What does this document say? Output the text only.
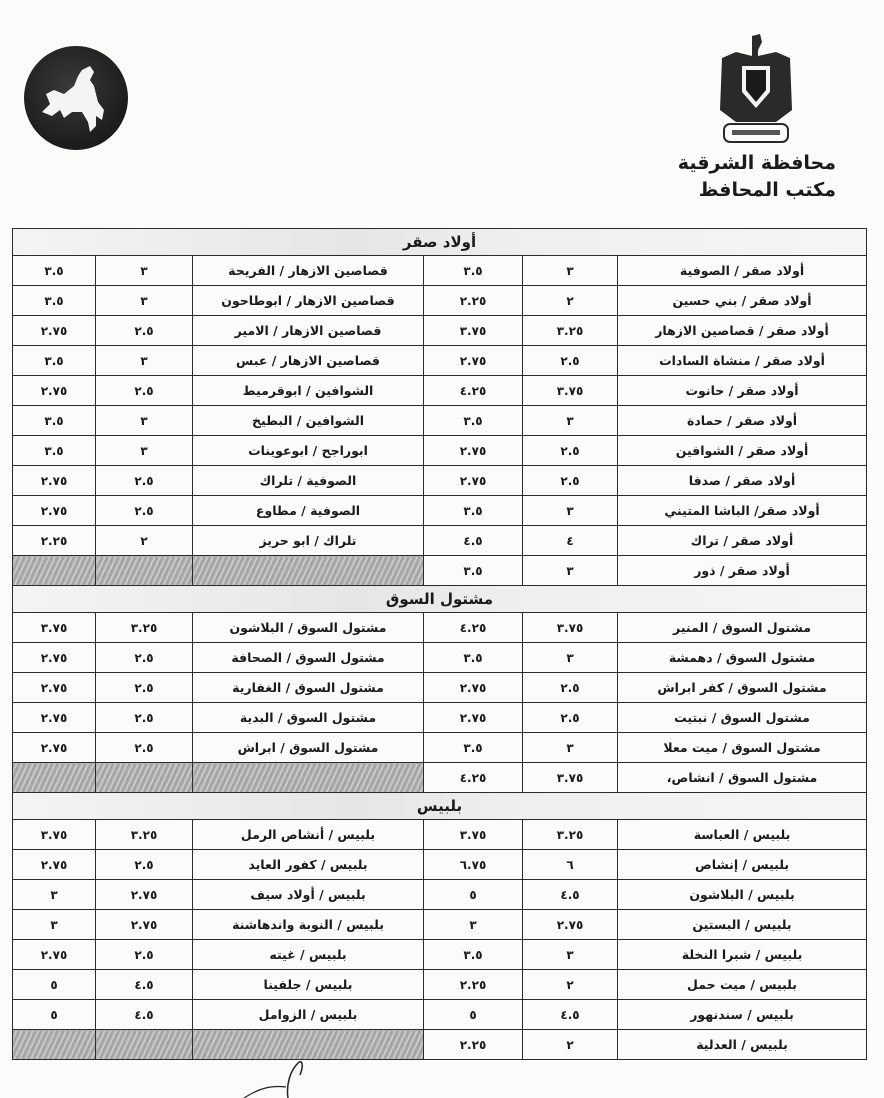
محافظة الشرقية
مكتب المحافظ
أولاد صقر					
٣.٥	٣	قصاصين الازهار / الفريحة	٣.٥	٣	أولاد صقر / الصوفية
٣.٥	٣	قصاصين الازهار / ابوطاحون	٢.٢٥	٢	أولاد صقر / بني حسين
٢.٧٥	٢.٥	قصاصين الازهار / الامير	٣.٧٥	٣.٢٥	أولاد صقر / قصاصين الازهار
٣.٥	٣	قصاصين الازهار / عبس	٢.٧٥	٢.٥	أولاد صقر / منشاة السادات
٢.٧٥	٢.٥	الشوافين / ابوقرميط	٤.٢٥	٣.٧٥	أولاد صقر / حانوت
٣.٥	٣	الشوافين / البطيخ	٣.٥	٣	أولاد صقر / حمادة
٣.٥	٣	ابوراجح / ابوعوينات	٢.٧٥	٢.٥	أولاد صقر / الشوافين
٢.٧٥	٢.٥	الصوفية / تلراك	٢.٧٥	٢.٥	أولاد صقر / صدفا
٢.٧٥	٢.٥	الصوفية / مطاوع	٣.٥	٣	أولاد صقر/ الباشا المتيني
٢.٢٥	٢	تلراك / ابو حريز	٤.٥	٤	أولاد صقر / تراك
			٣.٥	٣	أولاد صقر / ذور
مشتول السوق					
٣.٧٥	٣.٢٥	مشتول السوق / البلاشون	٤.٢٥	٣.٧٥	مشتول السوق / المنير
٢.٧٥	٢.٥	مشتول السوق / الصحافة	٣.٥	٣	مشتول السوق / دهمشة
٢.٧٥	٢.٥	مشتول السوق / الغفارية	٢.٧٥	٢.٥	مشتول السوق / كفر ابراش
٢.٧٥	٢.٥	مشتول السوق / البدية	٢.٧٥	٢.٥	مشتول السوق / نبتيت
٢.٧٥	٢.٥	مشتول السوق / ابراش	٣.٥	٣	مشتول السوق / ميت معلا
			٤.٢٥	٣.٧٥	مشتول السوق / انشاص،
بلبيس					
٣.٧٥	٣.٢٥	بلبيس / أنشاص الرمل	٣.٧٥	٣.٢٥	بلبيس / العباسة
٢.٧٥	٢.٥	بلبيس / كفور العايد	٦.٧٥	٦	بلبيس / إنشاص
٣	٢.٧٥	بلبيس / أولاد سيف	٥	٤.٥	بلبيس / البلاشون
٣	٢.٧٥	بلبيس / النوبة واندهاشنة	٣	٢.٧٥	بلبيس / البستين
٢.٧٥	٢.٥	بلبيس / غيته	٣.٥	٣	بلبيس / شبرا النخلة
٥	٤.٥	بلبيس / جلفينا	٢.٢٥	٢	بلبيس / ميت حمل
٥	٤.٥	بلبيس / الزوامل	٥	٤.٥	بلبيس / سندنهور
			٢.٢٥	٢	بلبيس / العدلية
